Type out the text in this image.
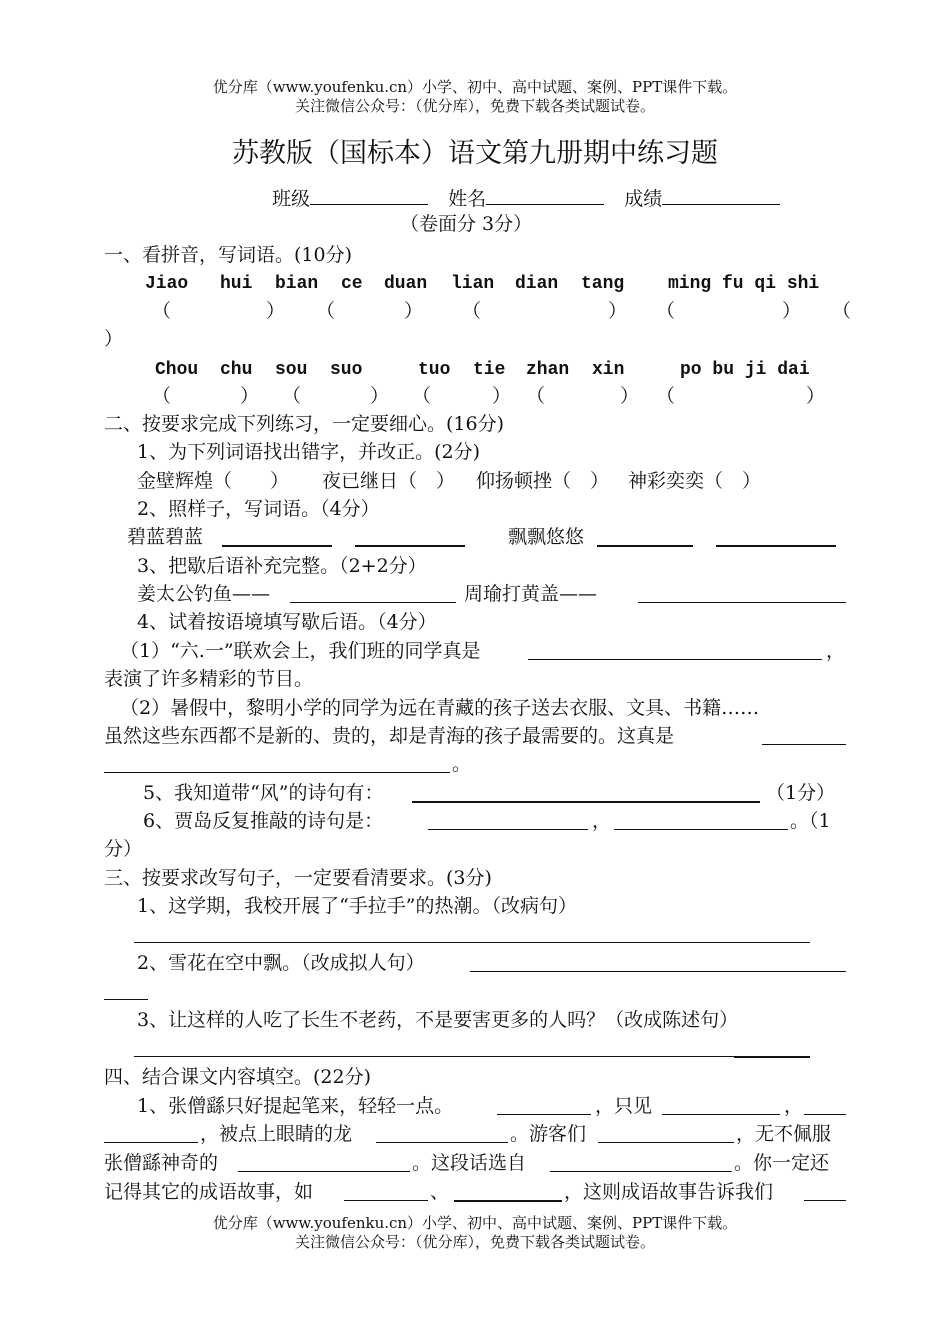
优分库（www.youfenku.cn）小学、初中、高中试题、案例、PPT课件下载。
关注微信公众号：（优分库），免费下载各类试题试卷。
苏教版（国标本）语文第九册期中练习题
班级	姓名	成绩
（卷面分 3分）
一、看拼音，写词语。(10分)
Jiao hui bian ce duan lian dian tang ming fu qi shi
（	） （	） （	） （	） （
）
Chou chu sou suo	tuo tie zhan xin	po bu ji dai
（	） （	） （	） （	） （	）
二、按要求完成下列练习，一定要细心。(16分)
1、为下列词语找出错字，并改正。(2分)
金壁辉煌（　　） 夜已继日（　） 仰扬顿挫（　） 神彩奕奕（　）
2、照样子，写词语。（4分）
碧蓝碧蓝	飘飘悠悠
3、把歇后语补充完整。（2+2分）
姜太公钓鱼——	周瑜打黄盖——
4、试着按语境填写歇后语。（4分）
（1）“六.一”联欢会上，我们班的同学真是	，
表演了许多精彩的节目。
（2）暑假中，黎明小学的同学为远在青藏的孩子送去衣服、文具、书籍……
虽然这些东西都不是新的、贵的，却是青海的孩子最需要的。这真是
。
5、我知道带“风”的诗句有：	（1分）
6、贾岛反复推敲的诗句是：	，	。（1
分）
三、按要求改写句子，一定要看清要求。(3分)
1、这学期，我校开展了“手拉手”的热潮。（改病句）
2、雪花在空中飘。（改成拟人句）
3、让这样的人吃了长生不老药，不是要害更多的人吗？（改成陈述句）
四、结合课文内容填空。(22分)
1、张僧繇只好提起笔来，轻轻一点。	，只见	，
，被点上眼睛的龙	。游客们	，无不佩服
张僧繇神奇的	。这段话选自	。你一定还
记得其它的成语故事，如	、	，这则成语故事告诉我们
优分库（www.youfenku.cn）小学、初中、高中试题、案例、PPT课件下载。
关注微信公众号：（优分库），免费下载各类试题试卷。
